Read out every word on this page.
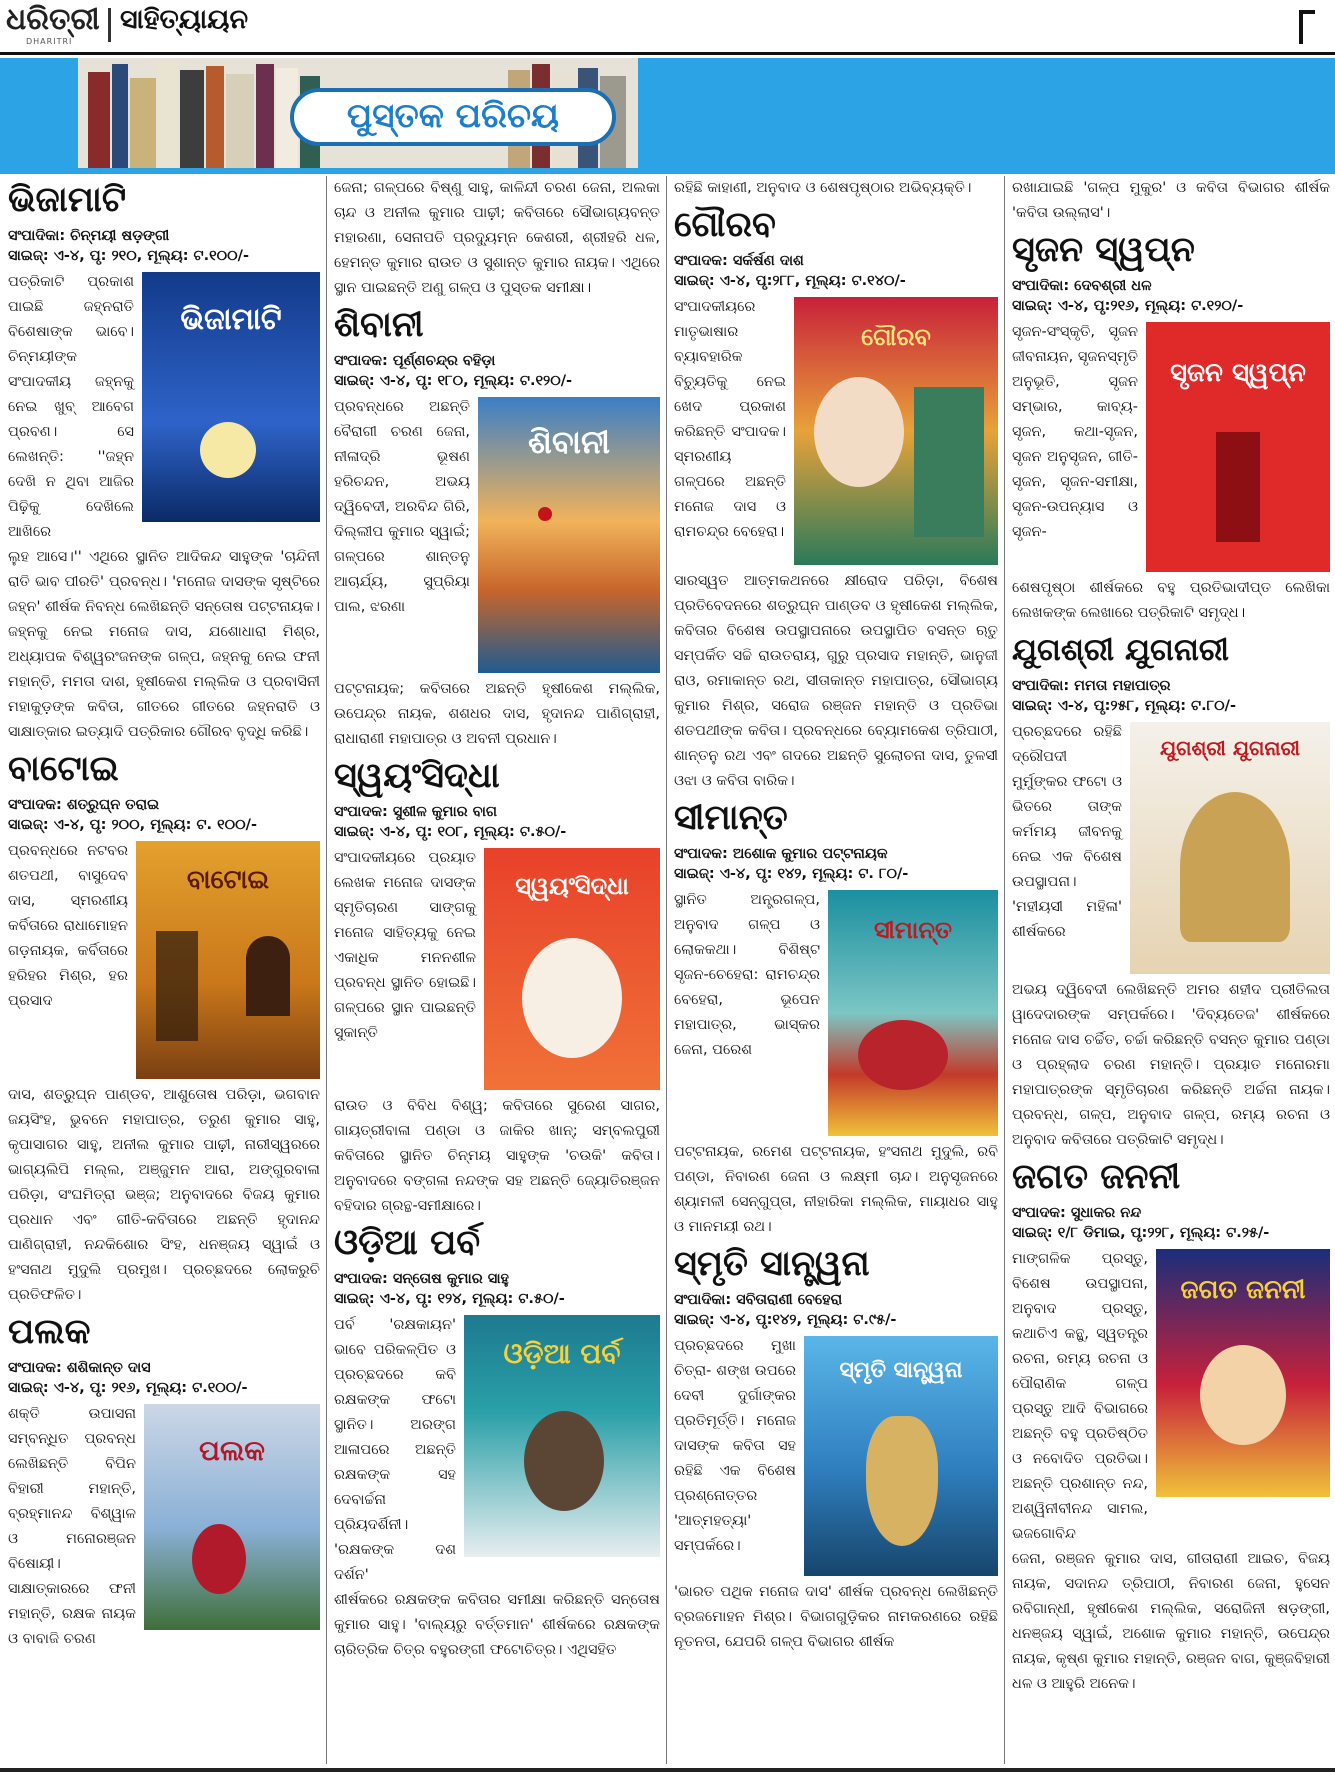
ଧରିତ୍ରୀ
DHARITRI
ସାହିତ୍ୟାୟନ
ପୁସ୍ତକ ପରିଚୟ
ଭିଜାମାଟି
ସଂପାଦିକା: ଚିନ୍ମୟୀ ଷଡ଼ଙ୍ଗୀ
ସାଇଜ୍: ଏ-୪, ପୃ: ୨୧୦, ମୂଲ୍ୟ: ଟ.୧୦୦/-
ଭିଜାମାଟି
ପତ୍ରିକାଟି ପ୍ରକାଶ ପାଇଛି ଜହ୍ନରାତି ବିଶେଷାଙ୍କ ଭାବେ। ଚିନ୍ମୟୀଙ୍କ ସଂପାଦକୀୟ ଜହ୍ନକୁ ନେଇ ଖୁବ୍ ଆବେଗ ପ୍ରବଣ। ସେ ଲେଖନ୍ତି: ''ଜହ୍ନ ଦେଖି ନ ଥିବା ଆଜିର ପିଢ଼ିକୁ ଦେଖିଲେ ଆଖିରେ
ଲୁହ ଆସେ।'' ଏଥିରେ ସ୍ଥାନିତ ଆଦିକନ୍ଦ ସାହୁଙ୍କ 'ଚାନ୍ଦିନୀ ରାତି ଭାବ ପୀରତି' ପ୍ରବନ୍ଧ। 'ମନୋଜ ଦାସଙ୍କ ସୃଷ୍ଟିରେ ଜହ୍ନ' ଶୀର୍ଷକ ନିବନ୍ଧ ଲେଖିଛନ୍ତି ସନ୍ତୋଷ ପଟ୍ଟନାୟକ। ଜହ୍ନକୁ ନେଇ ମନୋଜ ଦାସ, ଯଶୋଧାରା ମିଶ୍ର, ଅଧ୍ୟାପକ ବିଶ୍ୱରଂଜନଙ୍କ ଗଳ୍ପ, ଜହ୍ନକୁ ନେଇ ଫନୀ ମହାନ୍ତି, ମମତା ଦାଶ, ହୃଷୀକେଶ ମଲ୍ଲିକ ଓ ପ୍ରବାସିନୀ ମହାକୁଡ଼ଙ୍କ କବିତା, ଗୀତରେ ଗୀତରେ ଜହ୍ନରାତି ଓ ସାକ୍ଷାତ୍କାର ଇତ୍ୟାଦି ପତ୍ରିକାର ଗୌରବ ବୃଦ୍ଧି କରିଛି।
ବାଟୋଇ
ସଂପାଦକ: ଶତ୍ରୁଘ୍ନ ତରାଇ
ସାଇଜ୍: ଏ-୪, ପୃ: ୨୦୦, ମୂଲ୍ୟ: ଟ. ୧୦୦/-
ବାଟୋଇ
ପ୍ରବନ୍ଧରେ ନଟବର ଶତପଥୀ, ବାସୁଦେବ ଦାସ, ସ୍ମରଣୀୟ କର୍ବିତାରେ ରାଧାମୋହନ ଗଡ଼ନାୟକ, କର୍ବିତାରେ ହରିହର ମିଶ୍ର, ହର ପ୍ରସାଦ
ଦାସ, ଶତ୍ରୁଘ୍ନ ପାଣ୍ଡବ, ଆଶୁତୋଷ ପରିଡ଼ା, ଭଗବାନ ଜୟସିଂହ, ଭୁବନେ ମହାପାତ୍ର, ତରୁଣ କୁମାର ସାହୁ, କୃପାସାଗର ସାହୁ, ଅନୀଲ କୁମାର ପାଢ଼ୀ, ନାରୀସ୍ୱରରେ ଭାଗ୍ୟଲିପି ମଲ୍ଲ, ଅଞ୍ଜୁମନ ଆରା, ଅଙ୍ଗୁରବାଳା ପରିଡ଼ା, ସଂଘମିତ୍ରା ଭଞ୍ଜ; ଅନୁବାଦରେ ବିଜୟ କୁମାର ପ୍ରଧାନ ଏବଂ ଗୀତି-କବିତାରେ ଅଛନ୍ତି ହୃଦାନନ୍ଦ ପାଣିଗ୍ରାହୀ, ନନ୍ଦକିଶୋର ସିଂହ, ଧନଞ୍ଜୟ ସ୍ୱାଇଁ ଓ ହଂସନାଥ ମୁଦୁଲି ପ୍ରମୁଖ। ପ୍ରଚ୍ଛଦରେ ଲୋକରୁଚି ପ୍ରତିଫଳିତ।
ପଲକ
ସଂପାଦକ: ଶଶିକାନ୍ତ ଦାସ
ସାଇଜ୍: ଏ-୪, ପୃ: ୨୧୬, ମୂଲ୍ୟ: ଟ.୧୦୦/-
ପଲକ
ଶକ୍ତି ଉପାସନା ସମ୍ବନ୍ଧିତ ପ୍ରବନ୍ଧ ଲେଖିଛନ୍ତି ବିପିନ ବିହାରୀ ମହାନ୍ତି, ବ୍ରହ୍ମାନନ୍ଦ ବିଶ୍ୱାଳ ଓ ମନୋରଞ୍ଜନ ବିଷୋୟୀ। ସାକ୍ଷାତ୍କାରରେ ଫନୀ ମହାନ୍ତି, ରକ୍ଷକ ନାୟକ ଓ ବାବାଜି ଚରଣ
ଜେନା; ଗଳ୍ପରେ ବିଷ୍ଣୁ ସାହୁ, କାଳିନ୍ଦୀ ଚରଣ ଜେନା, ଅଲକା ଚାନ୍ଦ ଓ ଅନୀଲ କୁମାର ପାଢ଼ୀ; କବିତାରେ ସୌଭାଗ୍ୟବନ୍ତ ମହାରଣା, ସେନାପତି ପ୍ରଦ୍ୟୁମ୍ନ କେଶରୀ, ଶ୍ରୀହରି ଧଳ, ହେମନ୍ତ କୁମାର ରାଉତ ଓ ସୁଶାନ୍ତ କୁମାର ନାୟକ। ଏଥିରେ ସ୍ଥାନ ପାଇଛନ୍ତି ଅଣୁ ଗଳ୍ପ ଓ ପୁସ୍ତକ ସମୀକ୍ଷା।
ଶିବାନୀ
ସଂପାଦକ: ପୂର୍ଣ୍ଣଚନ୍ଦ୍ର ବହିଡ଼ା
ସାଇଜ୍: ଏ-୪, ପୃ: ୧୮୦, ମୂଲ୍ୟ: ଟ.୧୨୦/-
ଶିବାନୀ
ପ୍ରବନ୍ଧରେ ଅଛନ୍ତି ବୈରାଗୀ ଚରଣ ଜେନା, ନୀଳାଦ୍ରି ଭୂଷଣ ହରିଚନ୍ଦନ, ଅଭୟ ଦ୍ୱିବେଦୀ, ଅରବିନ୍ଦ ଗିରି, ଦିଲ୍ଲୀପ କୁମାର ସ୍ୱାଇଁ; ଗଳ୍ପରେ ଶାନ୍ତନୁ ଆଚାର୍ଯ୍ୟ, ସୁପ୍ରିୟା ପାଲ, ଝରଣା
ପଟ୍ଟନାୟକ; କବିତାରେ ଅଛନ୍ତି ହୃଷୀକେଶ ମଲ୍ଲିକ, ଉପେନ୍ଦ୍ର ନାୟକ, ଶଶଧର ଦାସ, ହୃଦାନନ୍ଦ ପାଣିଗ୍ରାହୀ, ରାଧାରାଣୀ ମହାପାତ୍ର ଓ ଅବନୀ ପ୍ରଧାନ।
ସ୍ୱୟଂସିଦ୍ଧା
ସଂପାଦକ: ସୁଶୀଳ କୁମାର ବାଗ
ସାଇଜ୍: ଏ-୪, ପୃ: ୧୦୮, ମୂଲ୍ୟ: ଟ.୫୦/-
ସ୍ୱୟଂସିଦ୍ଧା
ସଂପାଦକୀୟରେ ପ୍ରୟାତ ଲେଖକ ମନୋଜ ଦାସଙ୍କ ସ୍ମୃତିଚାରଣ ସାଙ୍ଗକୁ ମନୋଜ ସାହିତ୍ୟକୁ ନେଇ ଏକାଧିକ ମନନଶୀଳ ପ୍ରବନ୍ଧ ସ୍ଥାନିତ ହୋଇଛି। ଗଳ୍ପରେ ସ୍ଥାନ ପାଇଛନ୍ତି ସୁକାନ୍ତି
ରାଉତ ଓ ବିବିଧ ବିଶ୍ୱ; କବିତାରେ ସୁରେଶ ସାଗର, ଗାୟତ୍ରୀବାଳା ପଣ୍ଡା ଓ ଜାକିର ଖାନ୍; ସମ୍ବଲପୁରୀ କବିତାରେ ସ୍ଥାନିତ ଚିନ୍ମୟ ସାହୁଙ୍କ 'ଚଉକି' କବିତା। ଅନୁବାଦରେ ବଙ୍ଗଳା ନନ୍ଦଙ୍କ ସହ ଅଛନ୍ତି ଜ୍ୟୋତିରଞ୍ଜନ ବହିଦାର ଗ୍ରନ୍ଥ-ସମୀକ୍ଷାରେ।
ଓଡ଼ିଆ ପର୍ବ
ସଂପାଦକ: ସନ୍ତୋଷ କୁମାର ସାହୁ
ସାଇଜ୍: ଏ-୪, ପୃ: ୧୨୪, ମୂଲ୍ୟ: ଟ.୫୦/-
ଓଡ଼ିଆ ପର୍ବ
ପର୍ବ 'ରକ୍ଷକାୟନ' ଭାବେ ପରିକଳ୍ପିତ ଓ ପ୍ରଚ୍ଛଦରେ କବି ରକ୍ଷକଙ୍କ ଫଟୋ ସ୍ଥାନିତ। ଅରଙ୍ଗ ଆଳାପରେ ଅଛନ୍ତି ରକ୍ଷକଙ୍କ ସହ ଦେବାର୍ଚ୍ଚନା ପ୍ରିୟଦର୍ଶିନୀ। 'ରକ୍ଷକଙ୍କ ଦଶ ଦର୍ଶନ'
ଶୀର୍ଷକରେ ରକ୍ଷକଙ୍କ କବିତାର ସମୀକ୍ଷା କରିଛନ୍ତି ସନ୍ତୋଷ କୁମାର ସାହୁ। 'ବାଲ୍ୟରୁ ବର୍ତ୍ତମାନ' ଶୀର୍ଷକରେ ରକ୍ଷକଙ୍କ ଚାରିତ୍ରିକ ଚିତ୍ର ବହୁରଙ୍ଗୀ ଫଟୋଚିତ୍ର। ଏଥିସହିତ
ରହିଛି କାହାଣୀ, ଅନୁବାଦ ଓ ଶେଷପୃଷ୍ଠାର ଅଭିବ୍ୟକ୍ତି।
ଗୌରବ
ସଂପାଦକ: ସର୍କର୍ଷଣ ଦାଶ
ସାଇଜ୍: ଏ-୪, ପୃ:୨୮୮, ମୂଲ୍ୟ: ଟ.୧୪୦/-
ଗୌରବ
ସଂପାଦକୀୟରେ ମାତୃଭାଷାର ବ୍ୟାବହାରିକ ବିଚ୍ୟୁତିକୁ ନେଇ ଖେଦ ପ୍ରକାଶ କରିଛନ୍ତି ସଂପାଦକ। ସ୍ମରଣୀୟ ଗଳ୍ପରେ ଅଛନ୍ତି ମନୋଜ ଦାସ ଓ ରାମଚନ୍ଦ୍ର ବେହେରା।
ସାରସ୍ୱତ ଆତ୍ମକଥନରେ କ୍ଷୀରୋଦ ପରିଡ଼ା, ବିଶେଷ ପ୍ରତିବେଦନରେ ଶତ୍ରୁଘ୍ନ ପାଣ୍ଡବ ଓ ହୃଷୀକେଶ ମଲ୍ଲିକ, କବିତାର ବିଶେଷ ଉପସ୍ଥାପନାରେ ଉପସ୍ଥାପିତ ବସନ୍ତ ଋତୁ ସମ୍ପର୍କିତ ସଚ୍ଚି ରାଉତରାୟ, ଗୁରୁ ପ୍ରସାଦ ମହାନ୍ତି, ଭାନୁଜୀ ରାଓ, ରମାକାନ୍ତ ରଥ, ସୀତାକାନ୍ତ ମହାପାତ୍ର, ସୌଭାଗ୍ୟ କୁମାର ମିଶ୍ର, ସରୋଜ ରଞ୍ଜନ ମହାନ୍ତି ଓ ପ୍ରତିଭା ଶତପଥୀଙ୍କ କବିତା। ପ୍ରବନ୍ଧରେ ବ୍ୟୋମକେଶ ତ୍ରିପାଠୀ, ଶାନ୍ତନୁ ରଥ ଏବଂ ଗଦରେ ଅଛନ୍ତି ସୁଲୋଚନା ଦାସ, ତୁଳସୀ ଓଝା ଓ କବିତା ବାରିକ।
ସୀମାନ୍ତ
ସଂପାଦକ: ଅଶୋକ କୁମାର ପଟ୍ଟନାୟକ
ସାଇଜ୍: ଏ-୪, ପୃ: ୧୪୨, ମୂଲ୍ୟ: ଟ. ୮୦/-
ସୀମାନ୍ତ
ସ୍ଥାନିତ ଅନ୍ତ୍ରଗଳ୍ପ, ଅନୁବାଦ ଗଳ୍ପ ଓ ଲୋକକଥା। ବିଶିଷ୍ଟ ସୃଜନ-ଚେହେରା: ରାମଚନ୍ଦ୍ର ବେହେରା, ଭୂପେନ ମହାପାତ୍ର, ଭାସ୍କର ଜେନା, ପରେଶ
ପଟ୍ଟନାୟକ, ରମେଶ ପଟ୍ଟନାୟକ, ହଂସନାଥ ମୁଦୁଲି, ରବି ପଣ୍ଡା, ନିବାରଣ ଜେନା ଓ ଲକ୍ଷ୍ମୀ ଚାନ୍ଦ। ଅନୁସୃଜନରେ ଶ୍ୟାମଳୀ ସେନ୍‌ଗୁପ୍ତା, ନୀହାରିକା ମଲ୍ଲିକ, ମାୟାଧର ସାହୁ ଓ ମାନମୟୀ ରଥ।
ସ୍ମୃତି ସାନ୍ତ୍ୱନା
ସଂପାଦିକା: ସବିତାରାଣୀ ବେହେରା
ସାଇଜ୍: ଏ-୪, ପୃ:୧୪୨, ମୂଲ୍ୟ: ଟ.୯୫/-
ସ୍ମୃତି ସାନ୍ତ୍ୱନା
ପ୍ରଚ୍ଛଦରେ ମୁଖା ଚିତ୍ରା- ଶଙ୍ଖ ଉପରେ ଦେବୀ ଦୁର୍ଗାଙ୍କର ପ୍ରତିମୂର୍ତ୍ତି। ମନୋଜ ଦାସଙ୍କ କବିତା ସହ ରହିଛି ଏକ ବିଶେଷ ପ୍ରଶ୍ନୋତ୍ତର 'ଆତ୍ମହତ୍ୟା' ସମ୍ପର୍କରେ।
'ଭାରତ ପଥିକ ମନୋଜ ଦାସ' ଶୀର୍ଷକ ପ୍ରବନ୍ଧ ଲେଖିଛନ୍ତି ବ୍ରଜମୋହନ ମିଶ୍ର। ବିଭାଗଗୁଡ଼ିକର ନାମକରଣରେ ରହିଛି ନୂତନତା, ଯେପରି ଗଳ୍ପ ବିଭାଗର ଶୀର୍ଷକ
ରଖାଯାଇଛି 'ଗଳ୍ପ ମୁକୁର' ଓ କବିତା ବିଭାଗର ଶୀର୍ଷକ 'କବିତା ଉଲ୍ଲାସ'।
ସୃଜନ ସ୍ୱପ୍ନ
ସଂପାଦିକା: ଦେବଶ୍ରୀ ଧଳ
ସାଇଜ୍: ଏ-୪, ପୃ:୨୧୬, ମୂଲ୍ୟ: ଟ.୧୨୦/-
ସୃଜନ ସ୍ୱପ୍ନ
ସୃଜନ-ସଂସ୍କୃତି, ସୃଜନ ଜୀବନାୟନ, ସୃଜନସ୍ମୃତି ଅନୁଭୂତି, ସୃଜନ ସମ୍ଭାର, କାବ୍ୟ-ସୃଜନ, କଥା-ସୃଜନ, ସୃଜନ ଅନୁସୃଜନ, ଗୀତି-ସୃଜନ, ସୃଜନ-ସମୀକ୍ଷା, ସୃଜନ-ଉପନ୍ୟାସ ଓ ସୃଜନ-
ଶେଷପୃଷ୍ଠା ଶୀର୍ଷକରେ ବହୁ ପ୍ରତିଭାଦୀପ୍ତ ଲେଖିକା ଲେଖକଙ୍କ ଲେଖାରେ ପତ୍ରିକାଟି ସମୃଦ୍ଧ।
ଯୁଗଶ୍ରୀ ଯୁଗନାରୀ
ସଂପାଦିକା: ମମତା ମହାପାତ୍ର
ସାଇଜ୍: ଏ-୪, ପୃ:୨୫୮, ମୂଲ୍ୟ: ଟ.୮୦/-
ଯୁଗଶ୍ରୀ ଯୁଗନାରୀ
ପ୍ରଚ୍ଛଦରେ ରହିଛି ଦ୍ରୌପଦୀ ମୁର୍ମୁଙ୍କର ଫଟୋ ଓ ଭିତରେ ତାଙ୍କ କର୍ମମୟ ଜୀବନକୁ ନେଇ ଏକ ବିଶେଷ ଉପସ୍ଥାପନା। 'ମହୀୟସୀ ମହିଳା' ଶୀର୍ଷକରେ
ଅଭୟ ଦ୍ୱିବେଦୀ ଲେଖିଛନ୍ତି ଅମର ଶହୀଦ ପ୍ରୀତିଲତା ୱାଦେଦାରଙ୍କ ସମ୍ପର୍କରେ। 'ଦିବ୍ୟତେଜ' ଶୀର୍ଷକରେ ମନୋଜ ଦାସ ଚର୍ଚ୍ଚିତ, ଚର୍ଚ୍ଚା କରିଛନ୍ତି ବସନ୍ତ କୁମାର ପଣ୍ଡା ଓ ପ୍ରହ୍ଲାଦ ଚରଣ ମହାନ୍ତି। ପ୍ରୟାତ ମନୋରମା ମହାପାତ୍ରଙ୍କ ସ୍ମୃତିଚାରଣ କରିଛନ୍ତି ଅର୍ଚ୍ଚନା ନାୟକ। ପ୍ରବନ୍ଧ, ଗଳ୍ପ, ଅନୁବାଦ ଗଳ୍ପ, ରମ୍ୟ ରଚନା ଓ ଅନୁବାଦ କବିତାରେ ପତ୍ରିକାଟି ସମୃଦ୍ଧ।
ଜଗତ ଜନନୀ
ସଂପାଦକ: ସୁଧାକର ନନ୍ଦ
ସାଇଜ୍: ୧/୮ ଡିମାଇ, ପୃ:୨୨୮, ମୂଲ୍ୟ: ଟ.୨୫/-
ଜଗତ ଜନନୀ
ମାଙ୍ଗଳିକ ପ୍ରସ୍ତୁ, ବିଶେଷ ଉପସ୍ଥାପନା, ଅନୁବାଦ ପ୍ରସ୍ତୁ, କଥାଚିଏ କନ୍ଥୁ, ସ୍ୱତନ୍ତ୍ର ରଚନା, ରମ୍ୟ ରଚନା ଓ ପୌରାଣିକ ଗଳ୍ପ ପ୍ରସ୍ତୁ ଆଦି ବିଭାଗରେ ଅଛନ୍ତି ବହୁ ପ୍ରତିଷ୍ଠିତ ଓ ନବୋଦିତ ପ୍ରତିଭା। ଅଛନ୍ତି ପ୍ରଶାନ୍ତ ନନ୍ଦ, ଅଶ୍ୱିନୀବୀନନ୍ଦ ସାମଲ, ଭଜଗୋବିନ୍ଦ
ଜେନା, ରଞ୍ଜନ କୁମାର ଦାସ, ଗୀତାରାଣୀ ଆଇଚ, ବିଜୟ ନାୟକ, ସଦାନନ୍ଦ ତ୍ରିପାଠୀ, ନିବାରଣ ଜେନା, ହୁସେନ ରବିଗାନ୍ଧୀ, ହୃଷୀକେଶ ମଲ୍ଲିକ, ସରୋଜିନୀ ଷଡ଼ଙ୍ଗୀ, ଧନଞ୍ଜୟ ସ୍ୱାଇଁ, ଅଶୋକ କୁମାର ମହାନ୍ତି, ଉପେନ୍ଦ୍ର ନାୟକ, କୃଷ୍ଣ କୁମାର ମହାନ୍ତି, ରଞ୍ଜନ ବାଗ, କୁଞ୍ଜବିହାରୀ ଧଳ ଓ ଆହୁରି ଅନେକ।
